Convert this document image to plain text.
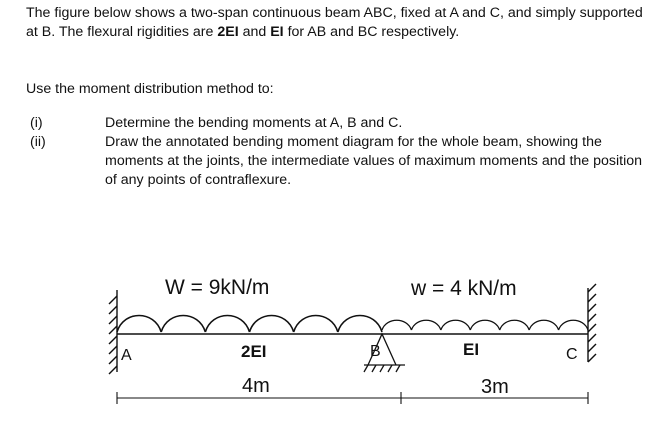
The figure below shows a two-span continuous beam ABC, fixed at A and C, and simply supported at B. The flexural rigidities are 2EI and EI for AB and BC respectively.

Use the moment distribution method to:

(i)	Determine the bending moments at A, B and C.
(ii)	Draw the annotated bending moment diagram for the whole beam, showing the moments at the joints, the intermediate values of maximum moments and the position of any points of contraflexure.
W = 9kN/m	w = 4 kN/m
A	B	C
2EI	EI
4m	3m
